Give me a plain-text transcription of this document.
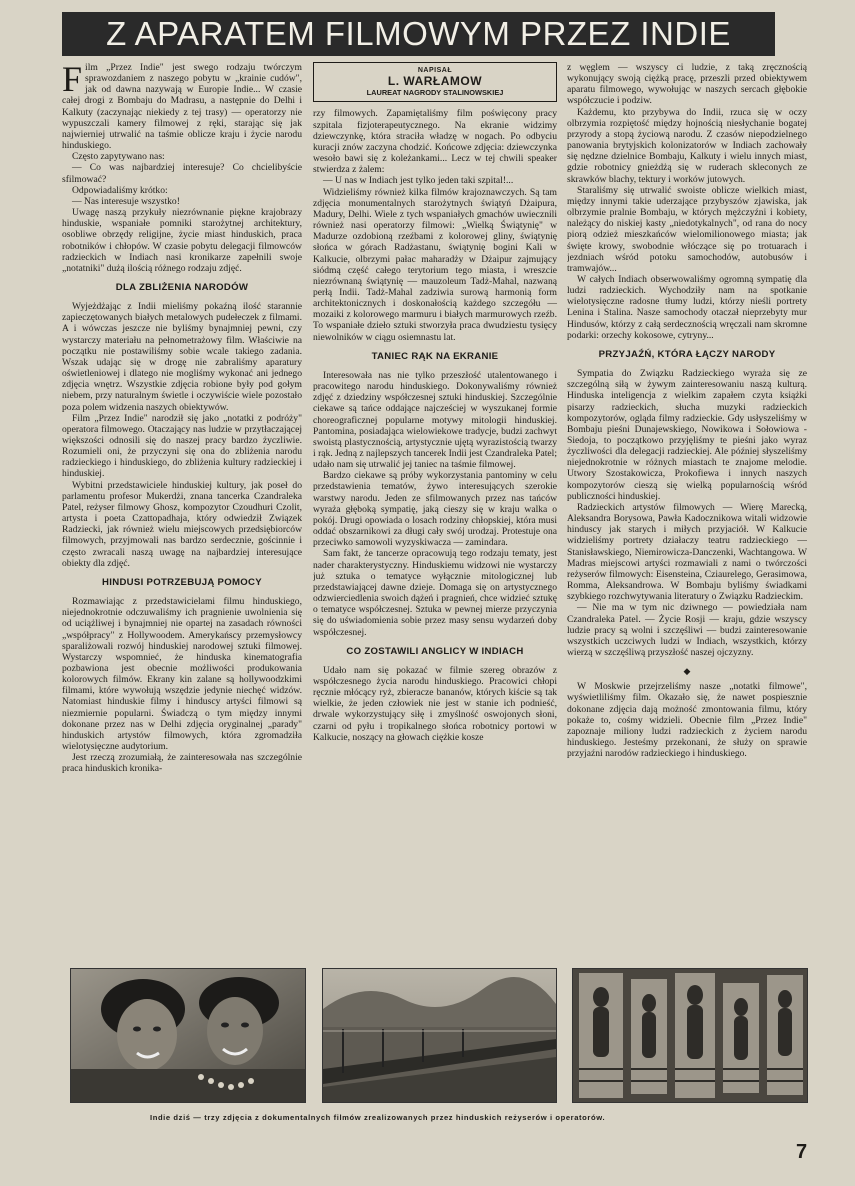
Z APARATEM FILMOWYM PRZEZ INDIE

Film „Przez Indie" jest swego rodzaju twórczym sprawozdaniem z naszego pobytu w „krainie cudów", jak od dawna nazywają w Europie Indie... W czasie całej drogi z Bombaju do Madrasu, a następnie do Delhi i Kalkuty (zaczynając niekiedy z tej trasy) — operatorzy nie wypuszczali kamery filmowej z ręki, starając się jak najwierniej utrwalić na taśmie oblicze kraju i życie narodu hinduskiego.

Często zapytywano nas:

— Co was najbardziej interesuje? Co chcielibyście sfilmować?

Odpowiadaliśmy krótko:

— Nas interesuje wszystko!

Uwagę naszą przykuły niezrównanie piękne krajobrazy hinduskie, wspaniałe pomniki starożytnej architektury, osobliwe obrzędy religijne, życie miast hinduskich, praca robotników i chłopów. W czasie pobytu delegacji filmowców radzieckich w Indiach nasi kronikarze zapełnili swoje „notatniki" dużą ilością różnego rodzaju zdjęć.

DLA ZBLIŻENIA NARODÓW

Wyjeżdżając z Indii mieliśmy pokaźną ilość starannie zapieczętowanych białych metalowych pudełeczek z filmami. A i wówczas jeszcze nie byliśmy bynajmniej pewni, czy wystarczy materiału na pełnometrażowy film. Właściwie na początku nie postawiliśmy sobie wcale takiego zadania. Wszak udając się w drogę nie zabraliśmy aparatury oświetleniowej i dlatego nie mogliśmy wykonać ani jednego zdjęcia wnętrz. Wszystkie zdjęcia robione były pod gołym niebem, przy naturalnym świetle i oczywiście wiele pozostało poza polem widzenia naszych obiektywów.

Film „Przez Indie" narodził się jako „notatki z podróży" operatora filmowego. Otaczający nas ludzie w przytłaczającej większości odnosili się do naszej pracy bardzo życzliwie. Rozumieli oni, że przyczyni się ona do zbliżenia narodu radzieckiego i hinduskiego, do zbliżenia kultury radzieckiej i hinduskiej.

Wybitni przedstawiciele hinduskiej kultury, jak poseł do parlamentu profesor Mukerdżi, znana tancerka Czandraleka Patel, reżyser filmowy Ghosz, kompozytor Czoudhuri Czolit, artysta i poeta Czattopadhaja, który odwiedził Związek Radziecki, jak również wielu miejscowych przedsiębiorców filmowych, przyjmowali nas bardzo serdecznie, gościnnie i często zwracali naszą uwagę na najbardziej interesujące obiekty dla zdjęć.

HINDUSI POTRZEBUJĄ POMOCY

Rozmawiając z przedstawicielami filmu hinduskiego, niejednokrotnie odczuwaliśmy ich pragnienie uwolnienia się od uciążliwej i bynajmniej nie opartej na zasadach równości „współpracy" z Hollywoodem. Amerykańscy przemysłowcy sparaliżowali rozwój hinduskiej narodowej sztuki filmowej. Wystarczy wspomnieć, że hinduska kinematografia pozbawiona jest obecnie możliwości produkowania kolorowych filmów. Ekrany kin zalane są hollywoodzkimi filmami, które wywołują wszędzie jedynie niechęć widzów. Natomiast hinduskie filmy i hinduscy artyści filmowi są niezmiernie popularni. Świadczą o tym między innymi dokonane przez nas w Delhi zdjęcia oryginalnej „parady" hinduskich artystów filmowych, która zgromadziła wielotysięczne audytorium.

Jest rzeczą zrozumiałą, że zainteresowała nas szczególnie praca hinduskich kronika-

NAPISAŁ
L. WARŁAMOW
LAUREAT NAGRODY STALINOWSKIEJ

rzy filmowych. Zapamiętaliśmy film poświęcony pracy szpitala fizjoterapeutycznego. Na ekranie widzimy dziewczynkę, która straciła władzę w nogach. Po odbyciu kuracji znów zaczyna chodzić. Końcowe zdjęcia: dziewczynka wesoło bawi się z koleżankami... Lecz w tej chwili speaker stwierdza z żalem:

— U nas w Indiach jest tylko jeden taki szpital!...

Widzieliśmy również kilka filmów krajoznawczych. Są tam zdjęcia monumentalnych starożytnych świątyń Dżaipura, Madury, Delhi. Wiele z tych wspaniałych gmachów uwiecznili również nasi operatorzy filmowi: „Wielką Świątynię" w Madurze ozdobioną rzeźbami z kolorowej gliny, świątynię słońca w górach Radżastanu, świątynię bogini Kali w Kalkucie, olbrzymi pałac maharadży w Dżaipur zajmujący siódmą część całego terytorium tego miasta, i wreszcie niezrównaną świątynię — mauzoleum Tadż-Mahal, nazwaną perłą Indii. Tadż-Mahal zadziwia surową harmonią form architektonicznych i doskonałością każdego szczegółu — mozaiki z kolorowego marmuru i białych marmurowych rzeźb. To wspaniałe dzieło sztuki stworzyła praca dwudziestu tysięcy niewolników w ciągu osiemnastu lat.

TANIEC RĄK NA EKRANIE

Interesowała nas nie tylko przeszłość utalentowanego i pracowitego narodu hinduskiego. Dokonywaliśmy również zdjęć z dziedziny współczesnej sztuki hinduskiej. Szczególnie ciekawe są tańce oddające najcześciej w wyszukanej formie choreograficznej popularne motywy mitologii hinduskiej. Pantomina, posiadająca wielowiekowe tradycje, budzi zachwyt swoistą plastycznością, artystycznie ujętą wyrazistością twarzy i rąk. Jedną z najlepszych tancerek Indii jest Czandraleka Patel; udało nam się utrwalić jej taniec na taśmie filmowej.

Bardzo ciekawe są próby wykorzystania pantominy w celu przedstawienia tematów, żywo interesujących szerokie warstwy narodu. Jeden ze sfilmowanych przez nas tańców wyraża głęboką sympatię, jaką cieszy się w kraju walka o pokój. Drugi opowiada o losach rodziny chłopskiej, która musi oddać obszarnikowi za długi cały swój urodzaj. Protestuje ona przeciwko samowoli wyzyskiwacza — zamindara.

Sam fakt, że tancerze opracowują tego rodzaju tematy, jest nader charakterystyczny. Hinduskiemu widzowi nie wystarczy już sztuka o tematyce wyłącznie mitologicznej lub przedstawiającej dawne dzieje. Domaga się on artystycznego odzwierciedlenia swoich dążeń i pragnień, chce widzieć sztukę o tematyce współczesnej. Sztuka w pewnej mierze przyczynia się do uświadomienia sobie przez masy sensu wydarzeń doby współczesnej.

CO ZOSTAWILI ANGLICY W INDIACH

Udało nam się pokazać w filmie szereg obrazów z współczesnego życia narodu hinduskiego. Pracowici chłopi ręcznie młócący ryż, zbieracze bananów, których kiście są tak wielkie, że jeden człowiek nie jest w stanie ich podnieść, drwale wykorzystujący siłę i zmyślność oswojonych słoni, czarni od pyłu i tropikalnego słońca robotnicy portowi w Kalkucie, noszący na głowach ciężkie kosze

z węglem — wszyscy ci ludzie, z taką zręcznością wykonujący swoją ciężką pracę, przeszli przed obiektywem aparatu filmowego, wywołując w naszych sercach głębokie współczucie i podziw.

Każdemu, kto przybywa do Indii, rzuca się w oczy olbrzymia rozpiętość między hojnością niesłychanie bogatej przyrody a stopą życiową narodu. Z czasów niepodzielnego panowania brytyjskich kolonizatorów w Indiach zachowały się nędzne dzielnice Bombaju, Kalkuty i wielu innych miast, gdzie robotnicy gnieżdżą się w ruderach skleconych ze skrawków blachy, tektury i worków jutowych.

Staraliśmy się utrwalić swoiste oblicze wielkich miast, między innymi takie uderzające przybyszów zjawiska, jak olbrzymie pralnie Bombaju, w których mężczyźni i kobiety, należący do niskiej kasty „niedotykalnych", od rana do nocy piorą odzież mieszkańców wielomilionowego miasta; jak święte krowy, swobodnie włóczące się po trotuarach i jezdniach wśród potoku samochodów, autobusów i tramwajów...

W całych Indiach obserwowaliśmy ogromną sympatię dla ludzi radzieckich. Wychodziły nam na spotkanie wielotysięczne radosne tłumy ludzi, którzy nieśli portrety Lenina i Stalina. Nasze samochody otaczał nieprzebyty mur Hindusów, którzy z całą serdecznością wręczali nam skromne podarki: orzechy kokosowe, cytryny...

PRZYJAŹŃ, KTÓRA ŁĄCZY NARODY

Sympatia do Związku Radzieckiego wyraża się ze szczególną siłą w żywym zainteresowaniu naszą kulturą. Hinduska inteligencja z wielkim zapałem czyta książki pisarzy radzieckich, słucha muzyki radzieckich kompozytorów, ogląda filmy radzieckie. Gdy usłyszeliśmy w Bombaju pieśni Dunajewskiego, Nowikowa i Sołowiowa - Siedoja, to początkowo przyjęliśmy te pieśni jako wyraz życzliwości dla delegacji radzieckiej. Ale później słyszeliśmy niejednokrotnie w różnych miastach te znajome melodie. Utwory Szostakowicza, Prokofiewa i innych naszych kompozytorów cieszą się wielką popularnością wśród publiczności hinduskiej.

Radzieckich artystów filmowych — Wierę Marecką, Aleksandra Borysowa, Pawła Kadocznikowa witali widzowie hinduscy jak starych i miłych przyjaciół. W Kalkucie widzieliśmy portrety działaczy teatru radzieckiego — Stanisławskiego, Niemirowicza-Danczenki, Wachtangowa. W Madras miejscowi artyści rozmawiali z nami o twórczości reżyserów filmowych: Eisensteina, Cziaurelego, Gerasimowa, Romma, Aleksandrowa. W Bombaju byliśmy świadkami szybkiego rozchwytywania literatury o Związku Radzieckim.

— Nie ma w tym nic dziwnego — powiedziała nam Czandraleka Patel. — Życie Rosji — kraju, gdzie wszyscy ludzie pracy są wolni i szczęśliwi — budzi zainteresowanie wszystkich uczciwych ludzi w Indiach, wszystkich, którzy wierzą w szczęśliwą przyszłość naszej ojczyzny.

◆

W Moskwie przejrzeliśmy nasze „notatki filmowe", wyświetliliśmy film. Okazało się, że nawet pospiesznie dokonane zdjęcia dają możność zmontowania filmu, który pokaże to, cośmy widzieli. Obecnie film „Przez Indie" zapoznaje miliony ludzi radzieckich z życiem narodu hinduskiego. Jesteśmy przekonani, że służy on sprawie przyjaźni narodów radzieckiego i hinduskiego.

Indie dziś — trzy zdjęcia z dokumentalnych filmów zrealizowanych przez hinduskich reżyserów i operatorów.
7
